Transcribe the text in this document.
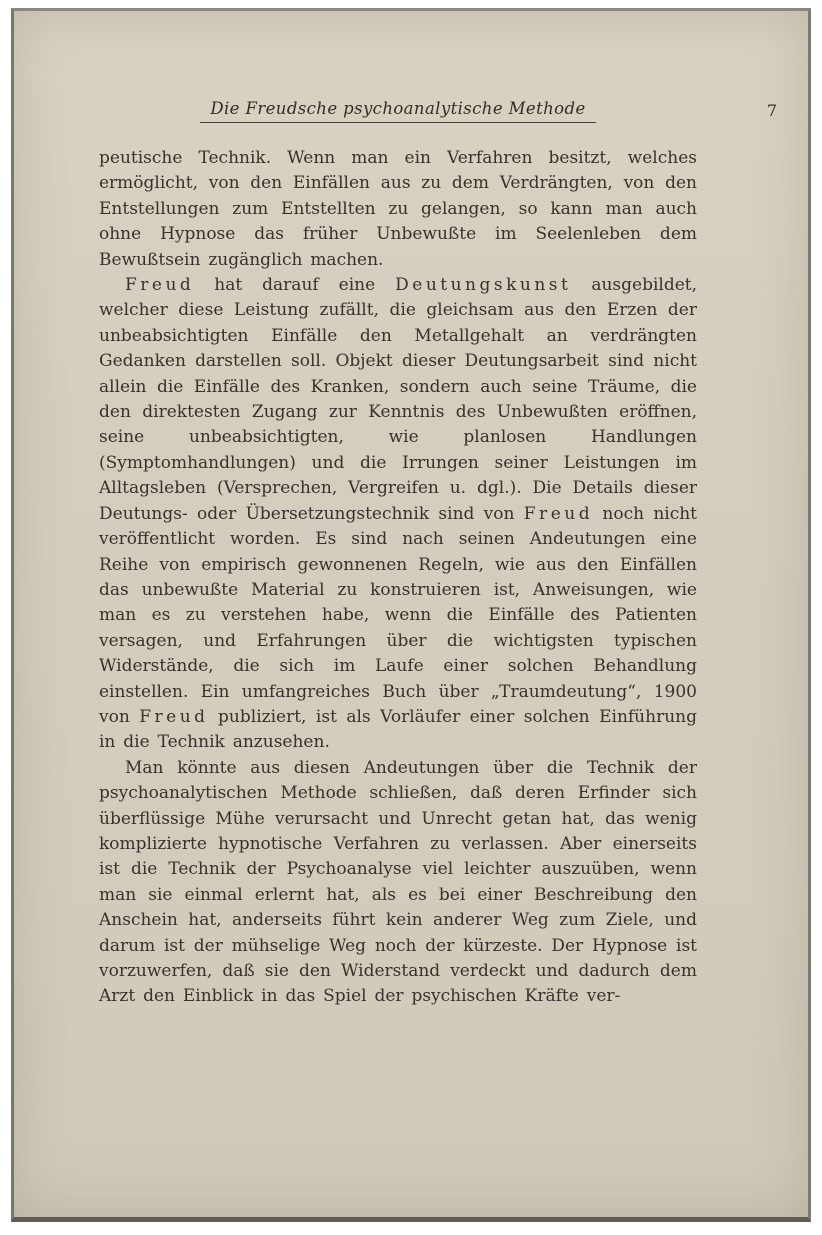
Die Freudsche psychoanalytische Methode	7

peutische Technik. Wenn man ein Verfahren besitzt, welches ermöglicht, von den Einfällen aus zu dem Verdrängten, von den Entstellungen zum Entstellten zu gelangen, so kann man auch ohne Hypnose das früher Unbewußte im Seelenleben dem Bewußtsein zugänglich machen.

Freud hat darauf eine Deutungskunst ausgebildet, welcher diese Leistung zufällt, die gleichsam aus den Erzen der unbeabsichtigten Einfälle den Metallgehalt an verdrängten Gedanken darstellen soll. Objekt dieser Deutungsarbeit sind nicht allein die Einfälle des Kranken, sondern auch seine Träume, die den direktesten Zugang zur Kenntnis des Unbewußten eröffnen, seine unbeabsichtigten, wie planlosen Handlungen (Symptomhandlungen) und die Irrungen seiner Leistungen im Alltagsleben (Versprechen, Vergreifen u. dgl.). Die Details dieser Deutungs- oder Übersetzungstechnik sind von Freud noch nicht veröffentlicht worden. Es sind nach seinen Andeutungen eine Reihe von empirisch gewonnenen Regeln, wie aus den Einfällen das unbewußte Material zu konstruieren ist, Anweisungen, wie man es zu verstehen habe, wenn die Einfälle des Patienten versagen, und Erfahrungen über die wichtigsten typischen Widerstände, die sich im Laufe einer solchen Behandlung einstellen. Ein umfangreiches Buch über „Traumdeutung“, 1900 von Freud publiziert, ist als Vorläufer einer solchen Einführung in die Technik anzusehen.

Man könnte aus diesen Andeutungen über die Technik der psychoanalytischen Methode schließen, daß deren Erfinder sich überflüssige Mühe verursacht und Unrecht getan hat, das wenig komplizierte hypnotische Verfahren zu verlassen. Aber einerseits ist die Technik der Psychoanalyse viel leichter auszuüben, wenn man sie einmal erlernt hat, als es bei einer Beschreibung den Anschein hat, anderseits führt kein anderer Weg zum Ziele, und darum ist der mühselige Weg noch der kürzeste. Der Hypnose ist vorzuwerfen, daß sie den Widerstand verdeckt und dadurch dem Arzt den Einblick in das Spiel der psychischen Kräfte ver-
